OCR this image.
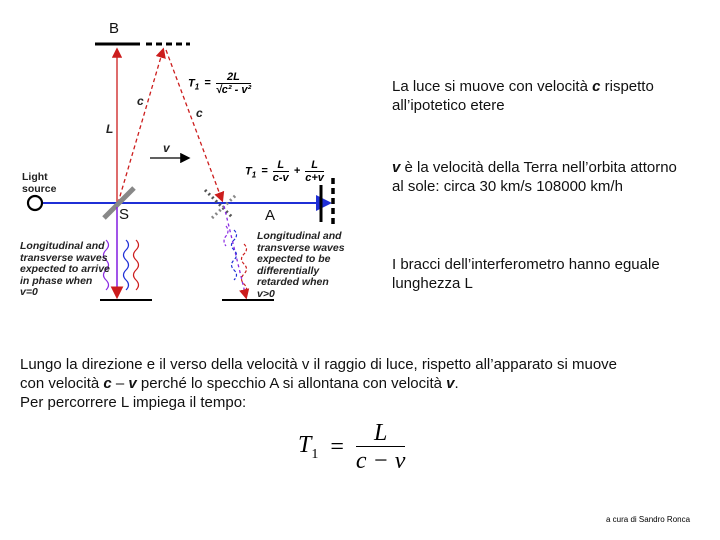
B
S	A
L
c
c
v
Light
source
$T_1 = \frac{2L}{\text{√c² - v²}}$
$T_1 = \frac{L}{c-v} + \frac{L}{c+v}$
Longitudinal and
transverse waves
expected to arrive
in phase when
v=0
Longitudinal and
transverse waves
expected to be
differentially
retarded when
v>0
La luce si muove con velocità c rispetto all’ipotetico etere
v è la velocità della Terra nell’orbita attorno al sole: circa 30 km/s 108000 km/h
I bracci dell’interferometro hanno eguale lunghezza L
Lungo la direzione e il verso della velocità v il raggio di luce, rispetto all’apparato si muove
con velocità c – v perché lo specchio A si allontana con velocità v.
Per percorrere L impiega il tempo:
$T_1 = \frac{L}{c - v}$
a cura di Sandro Ronca
